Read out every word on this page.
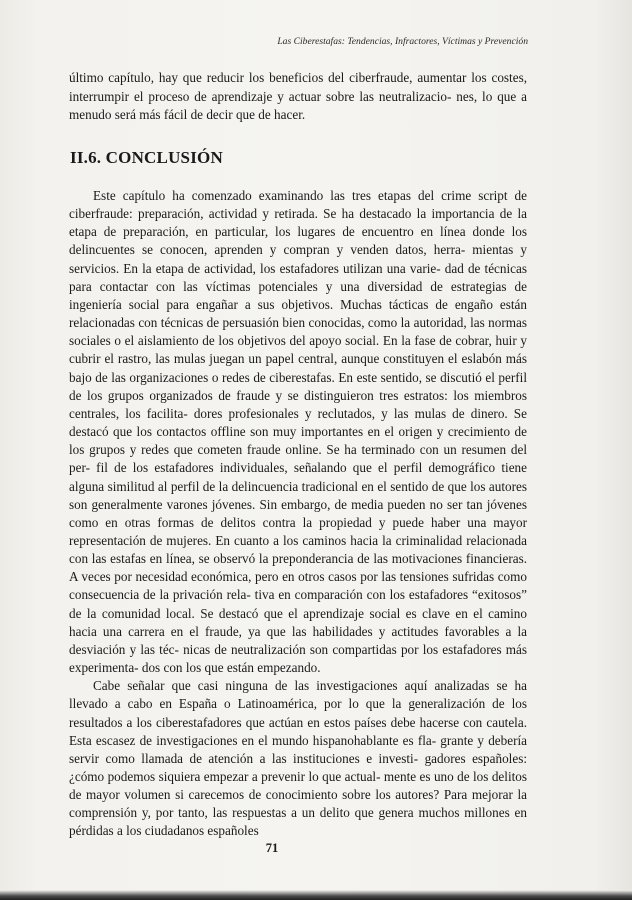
Las Ciberestafas: Tendencias, Infractores, Víctimas y Prevención

último capítulo, hay que reducir los beneficios del ciberfraude, aumentar los costes, interrumpir el proceso de aprendizaje y actuar sobre las neutralizacio- nes, lo que a menudo será más fácil de decir que de hacer.

II.6. CONCLUSIÓN

Este capítulo ha comenzado examinando las tres etapas del crime script de ciberfraude: preparación, actividad y retirada. Se ha destacado la importancia de la etapa de preparación, en particular, los lugares de encuentro en línea donde los delincuentes se conocen, aprenden y compran y venden datos, herra- mientas y servicios. En la etapa de actividad, los estafadores utilizan una varie- dad de técnicas para contactar con las víctimas potenciales y una diversidad de estrategias de ingeniería social para engañar a sus objetivos. Muchas tácticas de engaño están relacionadas con técnicas de persuasión bien conocidas, como la autoridad, las normas sociales o el aislamiento de los objetivos del apoyo social. En la fase de cobrar, huir y cubrir el rastro, las mulas juegan un papel central, aunque constituyen el eslabón más bajo de las organizaciones o redes de ciberestafas. En este sentido, se discutió el perfil de los grupos organizados de fraude y se distinguieron tres estratos: los miembros centrales, los facilita- dores profesionales y reclutados, y las mulas de dinero. Se destacó que los contactos offline son muy importantes en el origen y crecimiento de los grupos y redes que cometen fraude online. Se ha terminado con un resumen del per- fil de los estafadores individuales, señalando que el perfil demográfico tiene alguna similitud al perfil de la delincuencia tradicional en el sentido de que los autores son generalmente varones jóvenes. Sin embargo, de media pueden no ser tan jóvenes como en otras formas de delitos contra la propiedad y puede haber una mayor representación de mujeres. En cuanto a los caminos hacia la criminalidad relacionada con las estafas en línea, se observó la preponderancia de las motivaciones financieras. A veces por necesidad económica, pero en otros casos por las tensiones sufridas como consecuencia de la privación rela- tiva en comparación con los estafadores “exitosos” de la comunidad local. Se destacó que el aprendizaje social es clave en el camino hacia una carrera en el fraude, ya que las habilidades y actitudes favorables a la desviación y las téc- nicas de neutralización son compartidas por los estafadores más experimenta- dos con los que están empezando.

Cabe señalar que casi ninguna de las investigaciones aquí analizadas se ha llevado a cabo en España o Latinoamérica, por lo que la generalización de los resultados a los ciberestafadores que actúan en estos países debe hacerse con cautela. Esta escasez de investigaciones en el mundo hispanohablante es fla- grante y debería servir como llamada de atención a las instituciones e investi- gadores españoles: ¿cómo podemos siquiera empezar a prevenir lo que actual- mente es uno de los delitos de mayor volumen si carecemos de conocimiento sobre los autores? Para mejorar la comprensión y, por tanto, las respuestas a un delito que genera muchos millones en pérdidas a los ciudadanos españoles

71
